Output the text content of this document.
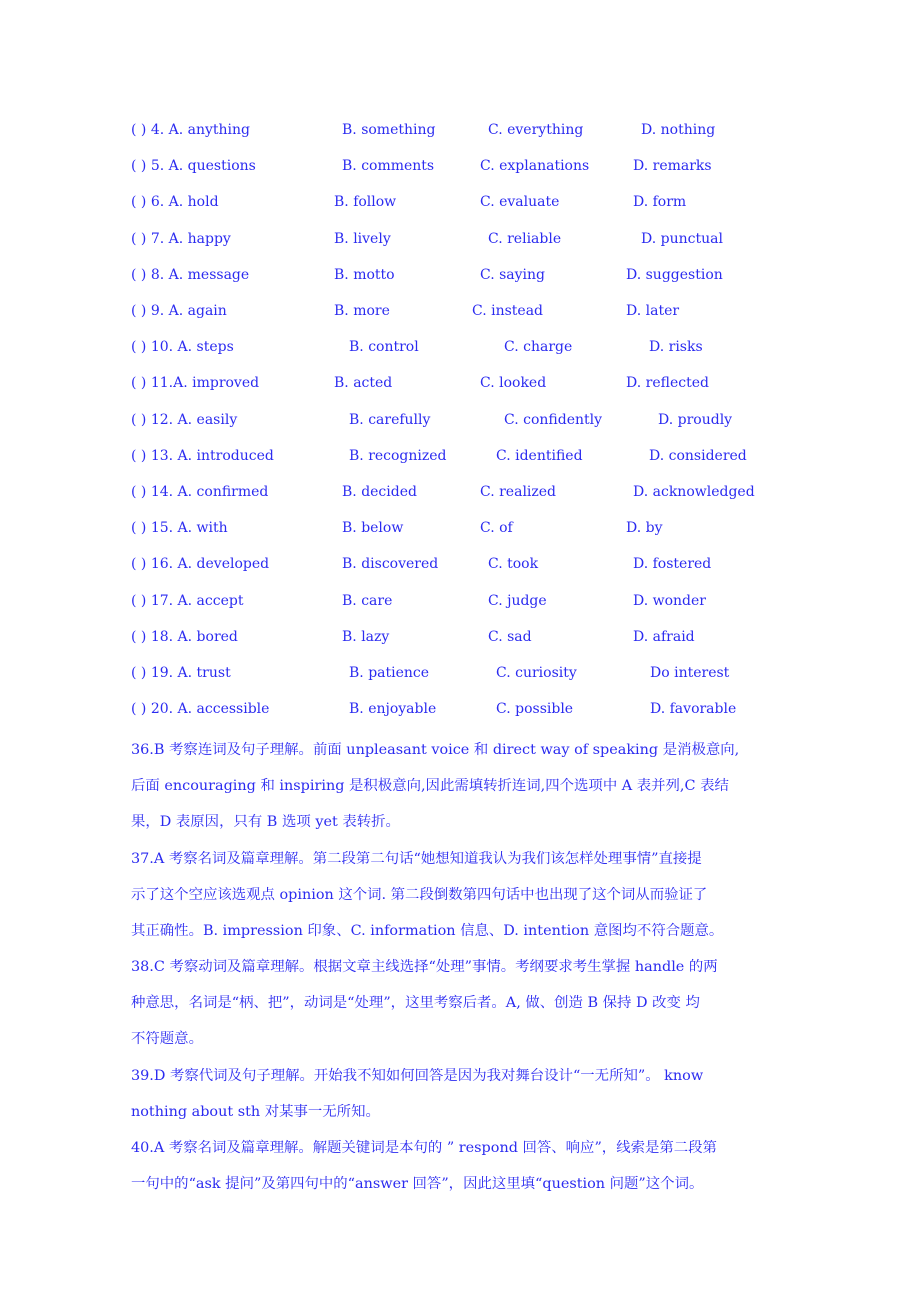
( ) 4. A. anything	B. something	C. everything	D. nothing
( ) 5. A. questions	B. comments	C. explanations	D. remarks
( ) 6. A. hold	B. follow	C. evaluate	D. form
( ) 7. A. happy	B. lively	C. reliable	D. punctual
( ) 8. A. message	B. motto	C. saying	D. suggestion
( ) 9. A. again	B. more	C. instead	D. later
( ) 10. A. steps	B. control	C. charge	D. risks
( ) 11.A. improved	B. acted	C. looked	D. reflected
( ) 12. A. easily	B. carefully	C. confidently	D. proudly
( ) 13. A. introduced	B. recognized	C. identified	D. considered
( ) 14. A. confirmed	B. decided	C. realized	D. acknowledged
( ) 15. A. with	B. below	C. of	D. by
( ) 16. A. developed	B. discovered	C. took	D. fostered
( ) 17. A. accept	B. care	C. judge	D. wonder
( ) 18. A. bored	B. lazy	C. sad	D. afraid
( ) 19. A. trust	B. patience	C. curiosity	Do interest
( ) 20. A. accessible	B. enjoyable	C. possible	D. favorable
36.B 考察连词及句子理解。前面 unpleasant voice 和 direct way of speaking 是消极意向,
后面 encouraging 和 inspiring 是积极意向,因此需填转折连词,四个选项中 A 表并列,C 表结
果，D 表原因，只有 B 选项 yet 表转折。
37.A 考察名词及篇章理解。第二段第二句话“她想知道我认为我们该怎样处理事情”直接提
示了这个空应该选观点 opinion 这个词. 第二段倒数第四句话中也出现了这个词从而验证了
其正确性。B. impression 印象、C. information 信息、D. intention 意图均不符合题意。
38.C 考察动词及篇章理解。根据文章主线选择“处理”事情。考纲要求考生掌握 handle 的两
种意思，名词是“柄、把”，动词是“处理”，这里考察后者。A, 做、创造 B 保持 D 改变 均
不符题意。
39.D 考察代词及句子理解。开始我不知如何回答是因为我对舞台设计“一无所知”。 know
nothing about sth 对某事一无所知。
40.A 考察名词及篇章理解。解题关键词是本句的 ” respond 回答、响应”，线索是第二段第
一句中的“ask 提问”及第四句中的“answer 回答”，因此这里填“question 问题”这个词。
